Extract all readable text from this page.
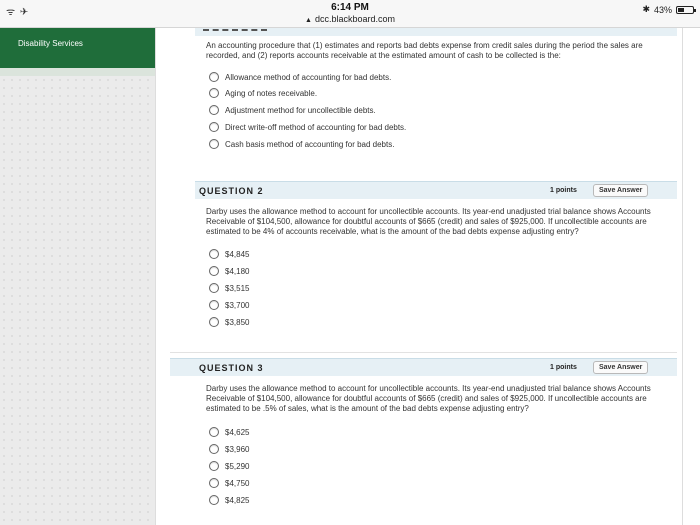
ᯤ ✈	6:14 PM
▲ dcc.blackboard.com
✱ 43%
Disability Services	An accounting procedure that (1) estimates and reports bad debts expense from credit sales during the period the sales are recorded, and (2) reports accounts receivable at the estimated amount of cash to be collected is the:
Allowance method of accounting for bad debts.
Aging of notes receivable.
Adjustment method for uncollectible debts.
Direct write-off method of accounting for bad debts.
Cash basis method of accounting for bad debts.
QUESTION 2	1 points	Save Answer
Darby uses the allowance method to account for uncollectible accounts. Its year-end unadjusted trial balance shows Accounts Receivable of $104,500, allowance for doubtful accounts of $665 (credit) and sales of $925,000. If uncollectible accounts are estimated to be 4% of accounts receivable, what is the amount of the bad debts expense adjusting entry?
$4,845
$4,180
$3,515
$3,700
$3,850
QUESTION 3	1 points	Save Answer
Darby uses the allowance method to account for uncollectible accounts. Its year-end unadjusted trial balance shows Accounts Receivable of $104,500, allowance for doubtful accounts of $665 (credit) and sales of $925,000. If uncollectible accounts are estimated to be .5% of sales, what is the amount of the bad debts expense adjusting entry?
$4,625
$3,960
$5,290
$4,750
$4,825
